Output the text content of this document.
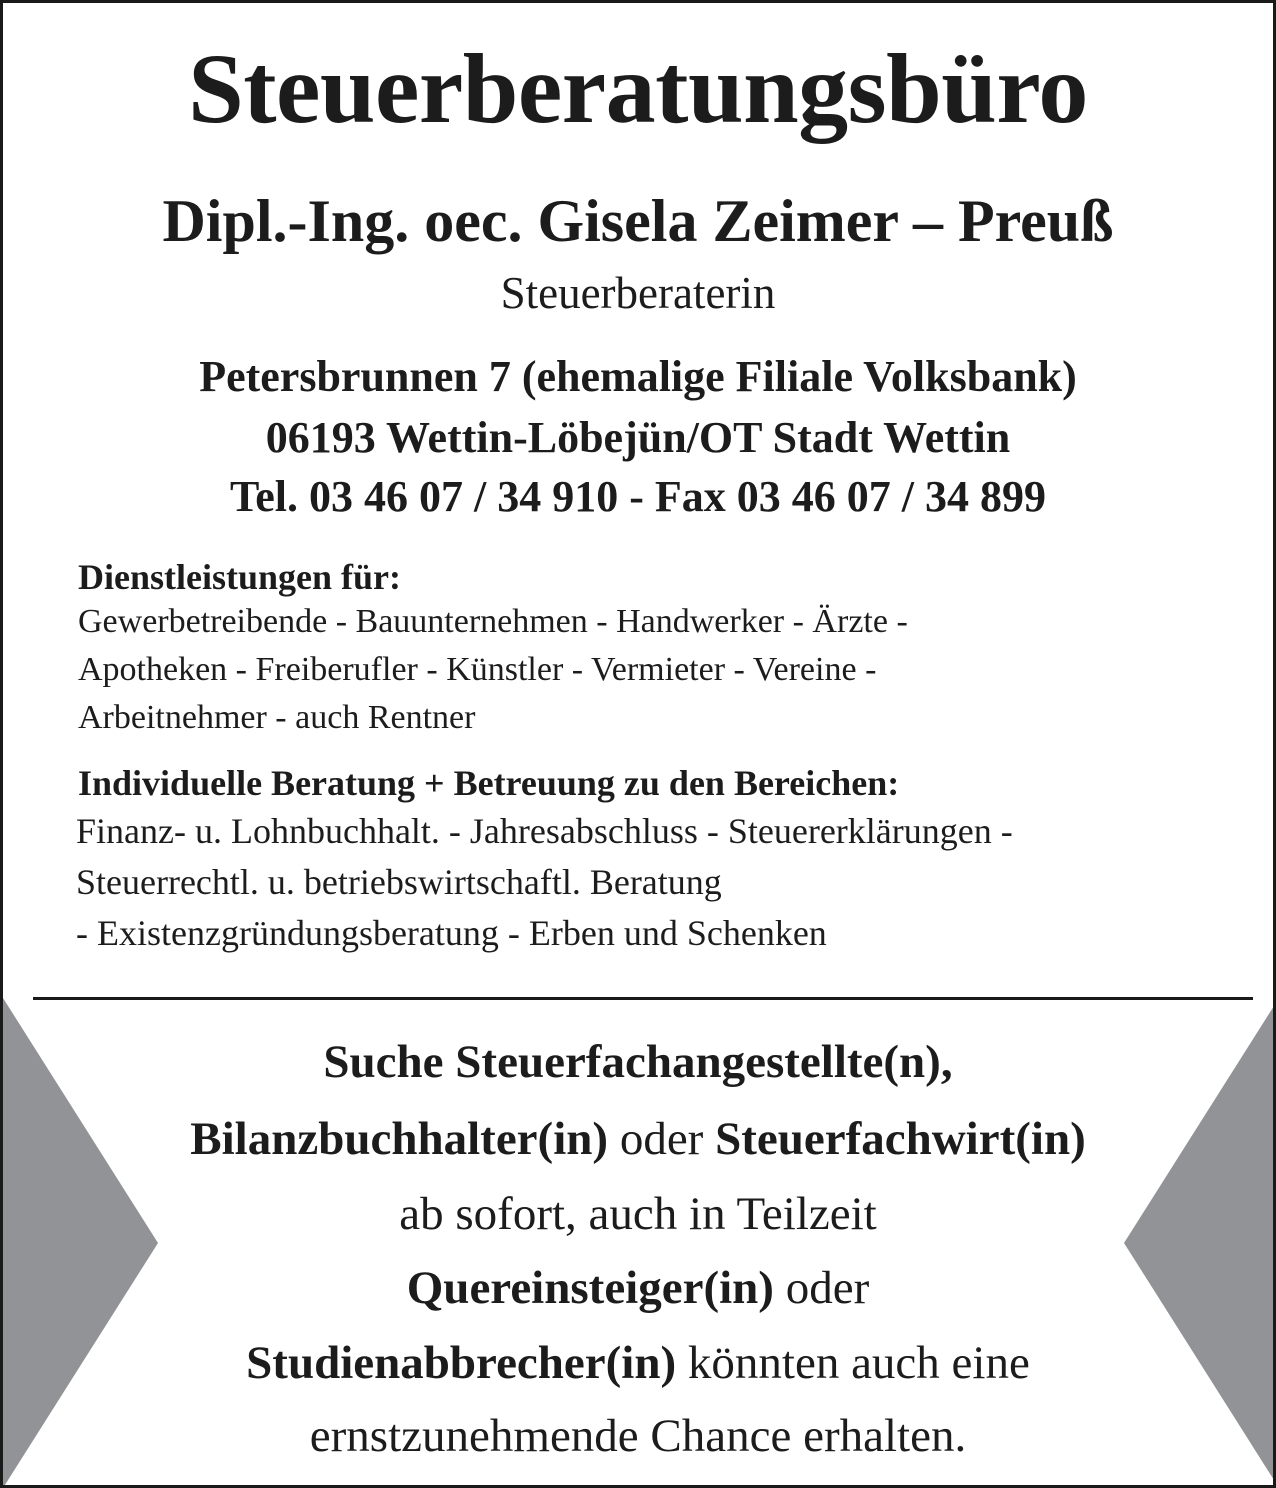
Steuerberatungsbüro
Dipl.-Ing. oec. Gisela Zeimer – Preuß
Steuerberaterin
Petersbrunnen 7 (ehemalige Filiale Volksbank)
06193 Wettin-Löbejün/OT Stadt Wettin
Tel. 03 46 07 / 34 910 - Fax 03 46 07 / 34 899
Dienstleistungen für:
Gewerbetreibende - Bauunternehmen - Handwerker - Ärzte -
Apotheken - Freiberufler - Künstler - Vermieter - Vereine -
Arbeitnehmer - auch Rentner
Individuelle Beratung + Betreuung zu den Bereichen:
Finanz- u. Lohnbuchhalt. - Jahresabschluss - Steuererklärungen -
Steuerrechtl. u. betriebswirtschaftl. Beratung
- Existenzgründungsberatung - Erben und Schenken
Suche Steuerfachangestellte(n),
Bilanzbuchhalter(in) oder Steuerfachwirt(in)
ab sofort, auch in Teilzeit
Quereinsteiger(in) oder
Studienabbrecher(in) könnten auch eine
ernstzunehmende Chance erhalten.
